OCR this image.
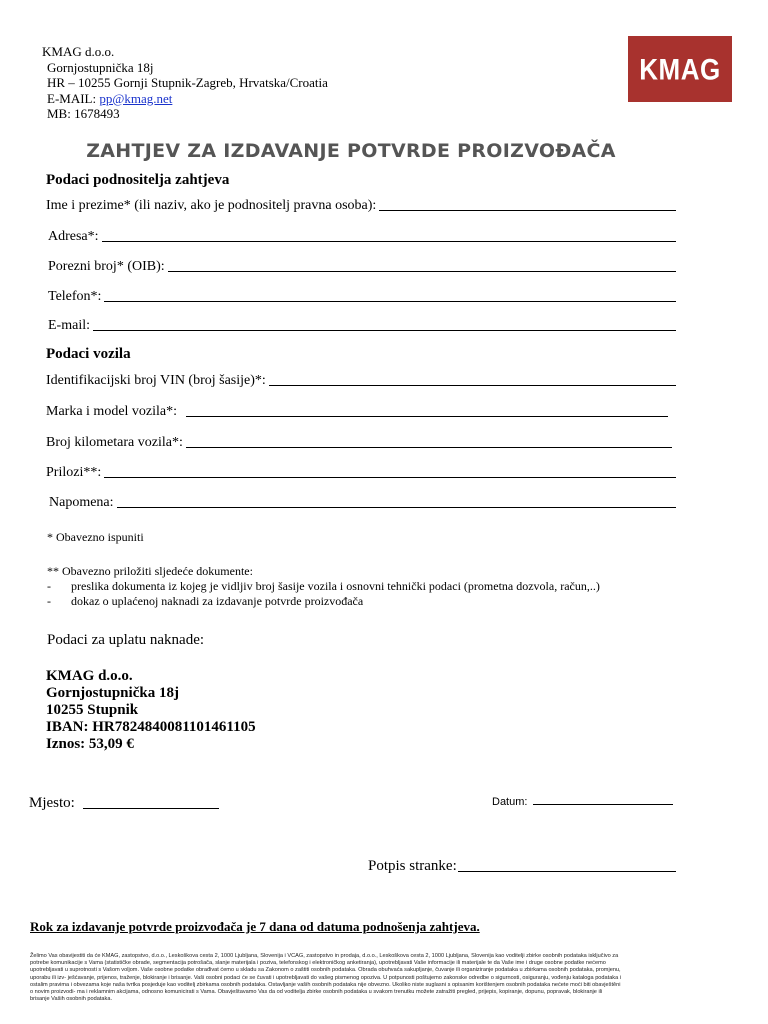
KMAG d.o.o.
Gornjostupnička 18j
HR – 10255 Gornji Stupnik-Zagreb, Hrvatska/Croatia
E-MAIL: pp@kmag.net
MB: 1678493
KMAG
ZAHTJEV ZA IZDAVANJE POTVRDE PROIZVOĐAČA
Podaci podnositelja zahtjeva
Ime i prezime* (ili naziv, ako je podnositelj pravna osoba):
Adresa*:
Porezni broj* (OIB):
Telefon*:
E-mail:
Podaci vozila
Identifikacijski broj VIN (broj šasije)*:
Marka i model vozila*:
Broj kilometara vozila*:
Prilozi**:
Napomena:
* Obavezno ispuniti
** Obavezno priložiti sljedeće dokumente:
-	preslika dokumenta iz kojeg je vidljiv broj šasije vozila i osnovni tehnički podaci (prometna dozvola, račun,..)
-	dokaz o uplaćenoj naknadi za izdavanje potvrde proizvođača
Podaci za uplatu naknade:
KMAG d.o.o.
Gornjostupnička 18j
10255 Stupnik
IBAN: HR7824840081101461105
Iznos: 53,09 €
Mjesto:	Datum:
Potpis stranke:
Rok za izdavanje potvrde proizvođača je 7 dana od datuma podnošenja zahtjeva.
Želimo Vas obavijestiti da će KMAG, zastopstvo, d.o.o., Leskoškova cesta 2, 1000 Ljubljana, Slovenija i VCAG, zastopstvo in prodaja, d.o.o., Leskoškova cesta 2, 1000 Ljubljana, Slovenija kao voditelji zbirke osobnih podataka isključivo za potrebe komunikacije s Vama (statističke obrade, segmentacija potrošača, slanje materijala i poziva, telefonskog i elektroničkog anketiranja), upotrebljavati Vaše informacije ili materijale te da Vaše ime i druge osobne podatke nećemo upotrebljavati u suprotnosti s Vašom voljom. Vaše osobne podatke obrađivat ćemo u skladu sa Zakonom o zaštiti osobnih podataka. Obrada obuhvaća sakupljanje, čuvanje ili organiziranje podataka u zbirkama osobnih podataka, promjenu, uporabu ili izv- ješćavanje, prijenos, traženje, blokiranje i brisanje. Vaši osobni podaci će se čuvati i upotrebljavati do vašeg pismenog opoziva. U potpunosti poštujemo zakonske odredbe o sigurnosti, osiguranju, vođenju kataloga podataka i ostalim pravima i obvezama koje naša tvrtka posjeduje kao voditelj zbirkama osobnih podataka. Ostavljanje vaših osobnih podataka nije obvezno. Ukoliko niste suglasni s opisanim korištenjem osobnih podataka nećete moći biti obavještěni o novim proizvodi- ma i reklamnim akcijama, odnosno komunicirati s Vama. Obavještavamo Vas da od voditelja zbirke osobnih podataka u svakom trenutku možete zatražiti pregled, prijepis, kopiranje, dopunu, popravak, blokiranje ili brisanje Vaših osobnih podataka.
